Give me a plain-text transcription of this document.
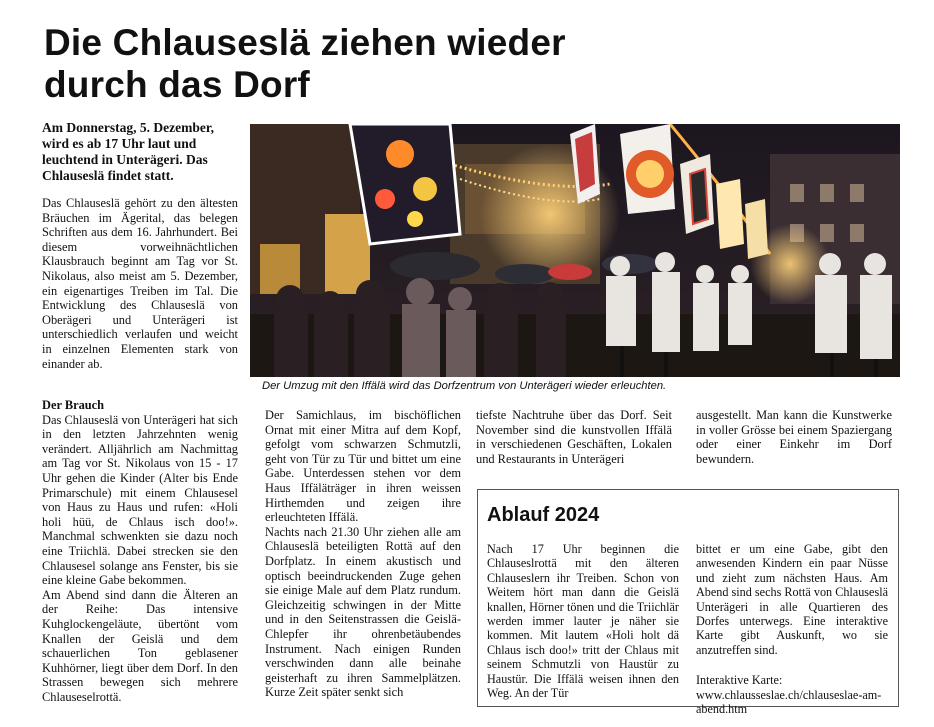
Die Chlauseslä ziehen wieder durch das Dorf

Am Donnerstag, 5. Dezember, wird es ab 17 Uhr laut und leuchtend in Unterägeri. Das Chlauseslä findet statt.

Das Chlauseslä gehört zu den ältesten Bräuchen im Ägerital, das belegen Schriften aus dem 16. Jahrhundert. Bei diesem vorweihnächtlichen Klausbrauch beginnt am Tag vor St. Nikolaus, also meist am 5. Dezember, ein eigenartiges Treiben im Tal. Die Entwicklung des Chlauseslä von Oberägeri und Unterägeri ist unterschiedlich verlaufen und weicht in einzelnen Elementen stark von einander ab.

Der Brauch

Das Chlauseslä von Unterägeri hat sich in den letzten Jahrzehnten wenig verändert. Alljährlich am Nachmittag am Tag vor St. Nikolaus von 15 - 17 Uhr gehen die Kinder (Alter bis Ende Primarschule) mit einem Chlausesel von Haus zu Haus und rufen: «Holi holi hüü, de Chlaus isch doo!». Manchmal schwenkten sie dazu noch eine Triichlä. Dabei strecken sie den Chlausesel solange ans Fenster, bis sie eine kleine Gabe bekommen.

Am Abend sind dann die Älteren an der Reihe: Das intensive Kuhglockengeläute, übertönt vom Knallen der Geislä und dem schauerlichen Ton geblasener Kuhhörner, liegt über dem Dorf. In den Strassen bewegen sich mehrere Chlauseselrottä.

Der Umzug mit den Iffälä wird das Dorfzentrum von Unterägeri wieder erleuchten.

Der Samichlaus, im bischöflichen Ornat mit einer Mitra auf dem Kopf, gefolgt vom schwarzen Schmutzli, geht von Tür zu Tür und bittet um eine Gabe. Unterdessen stehen vor dem Haus Iffäläträger in ihren weissen Hirthemden und zeigen ihre erleuchteten Iffälä.

Nachts nach 21.30 Uhr ziehen alle am Chlauseslä beteiligten Rottä auf den Dorfplatz. In einem akustisch und optisch beeindruckenden Zuge gehen sie einige Male auf dem Platz rundum. Gleichzeitig schwingen in der Mitte und in den Seitenstrassen die Geislä-Chlepfer ihr ohrenbetäubendes Instrument. Nach einigen Runden verschwinden dann alle beinahe geisterhaft zu ihren Sammelplätzen. Kurze Zeit später senkt sich

tiefste Nachtruhe über das Dorf. Seit November sind die kunstvollen Iffälä in verschiedenen Geschäften, Lokalen und Restaurants in Unterägeri

ausgestellt. Man kann die Kunstwerke in voller Grösse bei einem Spaziergang oder einer Einkehr im Dorf bewundern.

Ablauf 2024

Nach 17 Uhr beginnen die Chlauseslrottä mit den älteren Chlauseslern ihr Treiben. Schon von Weitem hört man dann die Geislä knallen, Hörner tönen und die Triichlär werden immer lauter je näher sie kommen. Mit lautem «Holi holt dä Chlaus isch doo!» tritt der Chlaus mit seinem Schmutzli von Haustür zu Haustür. Die Iffälä weisen ihnen den Weg. An der Tür

bittet er um eine Gabe, gibt den anwesenden Kindern ein paar Nüsse und zieht zum nächsten Haus. Am Abend sind sechs Rottä von Chlauseslä Unterägeri in alle Quartieren des Dorfes unterwegs. Eine interaktive Karte gibt Auskunft, wo sie anzutreffen sind.

Interaktive Karte: www.chlausseslae.ch/chlauseslae-am-abend.htm
